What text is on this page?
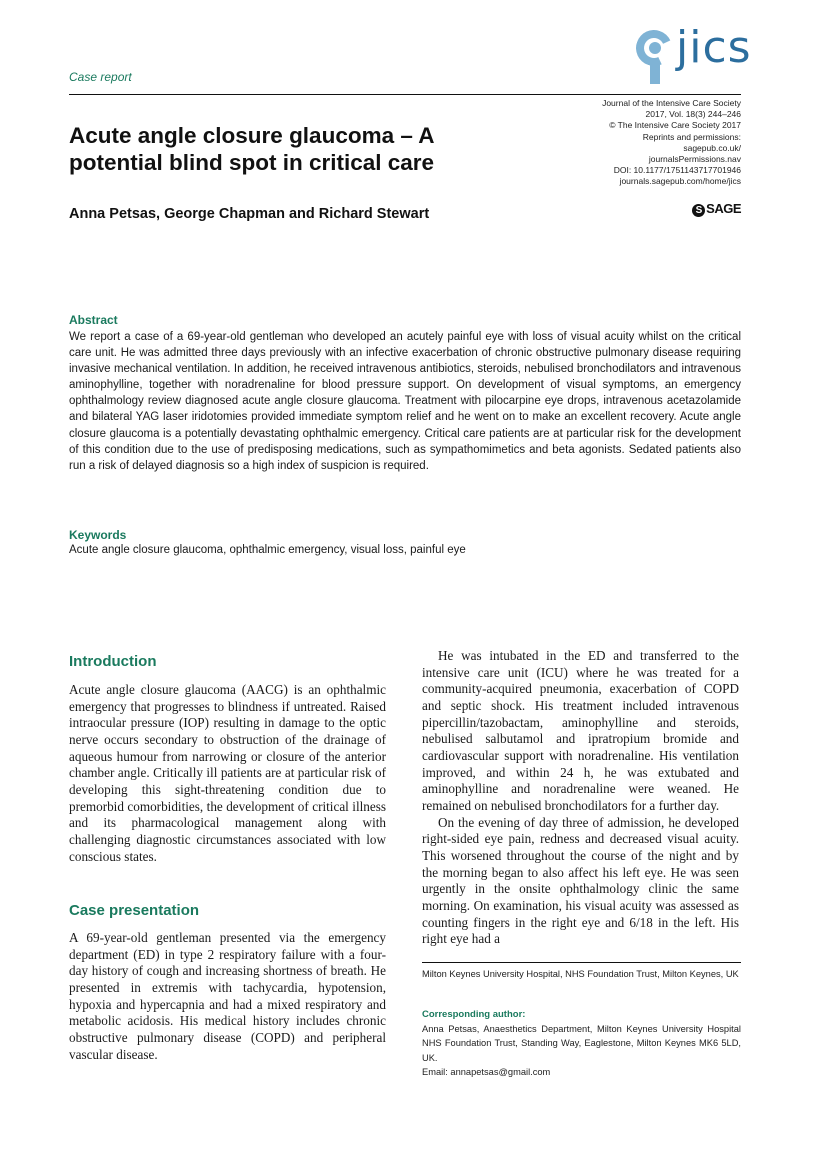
Case report
jics
Journal of the Intensive Care Society
2017, Vol. 18(3) 244–246
© The Intensive Care Society 2017
Reprints and permissions:
sagepub.co.uk/
journalsPermissions.nav
DOI: 10.1177/1751143717701946
journals.sagepub.com/home/jics
S SAGE
Acute angle closure glaucoma – A potential blind spot in critical care
Anna Petsas, George Chapman and Richard Stewart
Abstract
We report a case of a 69-year-old gentleman who developed an acutely painful eye with loss of visual acuity whilst on the critical care unit. He was admitted three days previously with an infective exacerbation of chronic obstructive pulmonary disease requiring invasive mechanical ventilation. In addition, he received intravenous antibiotics, steroids, nebulised bronchodilators and intravenous aminophylline, together with noradrenaline for blood pressure support. On development of visual symptoms, an emergency ophthalmology review diagnosed acute angle closure glaucoma. Treatment with pilocarpine eye drops, intravenous acetazolamide and bilateral YAG laser iridotomies provided immediate symptom relief and he went on to make an excellent recovery. Acute angle closure glaucoma is a potentially devastating ophthalmic emergency. Critical care patients are at particular risk for the development of this condition due to the use of predisposing medications, such as sympathomimetics and beta agonists. Sedated patients also run a risk of delayed diagnosis so a high index of suspicion is required.
Keywords
Acute angle closure glaucoma, ophthalmic emergency, visual loss, painful eye
Introduction

Acute angle closure glaucoma (AACG) is an ophthalmic emergency that progresses to blindness if untreated. Raised intraocular pressure (IOP) resulting in damage to the optic nerve occurs secondary to obstruction of the drainage of aqueous humour from narrowing or closure of the anterior chamber angle. Critically ill patients are at particular risk of developing this sight-threatening condition due to premorbid comorbidities, the development of critical illness and its pharmacological management along with challenging diagnostic circumstances associated with low conscious states.

Case presentation

A 69-year-old gentleman presented via the emergency department (ED) in type 2 respiratory failure with a four-day history of cough and increasing shortness of breath. He presented in extremis with tachycardia, hypotension, hypoxia and hypercapnia and had a mixed respiratory and metabolic acidosis. His medical history includes chronic obstructive pulmonary disease (COPD) and peripheral vascular disease.

He was intubated in the ED and transferred to the intensive care unit (ICU) where he was treated for a community-acquired pneumonia, exacerbation of COPD and septic shock. His treatment included intravenous pipercillin/tazobactam, aminophylline and steroids, nebulised salbutamol and ipratropium bromide and cardiovascular support with noradrenaline. His ventilation improved, and within 24 h, he was extubated and aminophylline and noradrenaline were weaned. He remained on nebulised bronchodilators for a further day.

On the evening of day three of admission, he developed right-sided eye pain, redness and decreased visual acuity. This worsened throughout the course of the night and by the morning began to also affect his left eye. He was seen urgently in the onsite ophthalmology clinic the same morning. On examination, his visual acuity was assessed as counting fingers in the right eye and 6/18 in the left. His right eye had a

Milton Keynes University Hospital, NHS Foundation Trust, Milton Keynes, UK
Corresponding author:
Anna Petsas, Anaesthetics Department, Milton Keynes University Hospital NHS Foundation Trust, Standing Way, Eaglestone, Milton Keynes MK6 5LD, UK.
Email: annapetsas@gmail.com
